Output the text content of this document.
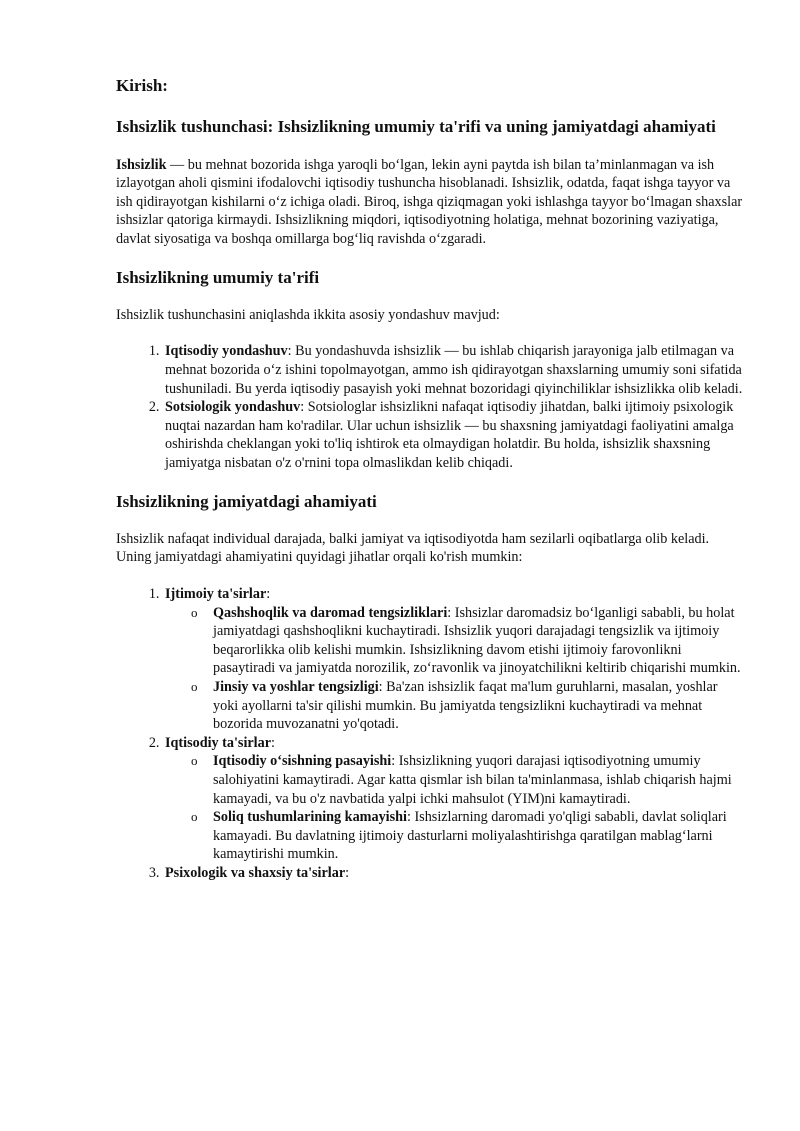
Kirish:
Ishsizlik tushunchasi: Ishsizlikning umumiy ta'rifi va uning jamiyatdagi ahamiyati

Ishsizlik — bu mehnat bozorida ishga yaroqli bo‘lgan, lekin ayni paytda ish bilan ta’minlanmagan va ish izlayotgan aholi qismini ifodalovchi iqtisodiy tushuncha hisoblanadi. Ishsizlik, odatda, faqat ishga tayyor va ish qidirayotgan kishilarni o‘z ichiga oladi. Biroq, ishga qiziqmagan yoki ishlashga tayyor bo‘lmagan shaxslar ishsizlar qatoriga kirmaydi. Ishsizlikning miqdori, iqtisodiyotning holatiga, mehnat bozorining vaziyatiga, davlat siyosatiga va boshqa omillarga bog‘liq ravishda o‘zgaradi.

Ishsizlikning umumiy ta'rifi

Ishsizlik tushunchasini aniqlashda ikkita asosiy yondashuv mavjud:

1. Iqtisodiy yondashuv: Bu yondashuvda ishsizlik — bu ishlab chiqarish jarayoniga jalb etilmagan va mehnat bozorida o‘z ishini topolmayotgan, ammo ish qidirayotgan shaxslarning umumiy soni sifatida tushuniladi. Bu yerda iqtisodiy pasayish yoki mehnat bozoridagi qiyinchiliklar ishsizlikka olib keladi.
2. Sotsiologik yondashuv: Sotsiologlar ishsizlikni nafaqat iqtisodiy jihatdan, balki ijtimoiy psixologik nuqtai nazardan ham ko'radilar. Ular uchun ishsizlik — bu shaxsning jamiyatdagi faoliyatini amalga oshirishda cheklangan yoki to'liq ishtirok eta olmaydigan holatdir. Bu holda, ishsizlik shaxsning jamiyatga nisbatan o'z o'rnini topa olmaslikdan kelib chiqadi.
Ishsizlikning jamiyatdagi ahamiyati

Ishsizlik nafaqat individual darajada, balki jamiyat va iqtisodiyotda ham sezilarli oqibatlarga olib keladi. Uning jamiyatdagi ahamiyatini quyidagi jihatlar orqali ko'rish mumkin:

1. Ijtimoiy ta'sirlar:
o Qashshoqlik va daromad tengsizliklari: Ishsizlar daromadsiz bo‘lganligi sababli, bu holat jamiyatdagi qashshoqlikni kuchaytiradi. Ishsizlik yuqori darajadagi tengsizlik va ijtimoiy beqarorlikka olib kelishi mumkin. Ishsizlikning davom etishi ijtimoiy farovonlikni pasaytiradi va jamiyatda norozilik, zo‘ravonlik va jinoyatchilikni keltirib chiqarishi mumkin.
o Jinsiy va yoshlar tengsizligi: Ba'zan ishsizlik faqat ma'lum guruhlarni, masalan, yoshlar yoki ayollarni ta'sir qilishi mumkin. Bu jamiyatda tengsizlikni kuchaytiradi va mehnat bozorida muvozanatni yo'qotadi.
2. Iqtisodiy ta'sirlar:
o Iqtisodiy o‘sishning pasayishi: Ishsizlikning yuqori darajasi iqtisodiyotning umumiy salohiyatini kamaytiradi. Agar katta qismlar ish bilan ta'minlanmasa, ishlab chiqarish hajmi kamayadi, va bu o'z navbatida yalpi ichki mahsulot (YIM)ni kamaytiradi.
o Soliq tushumlarining kamayishi: Ishsizlarning daromadi yo'qligi sababli, davlat soliqlari kamayadi. Bu davlatning ijtimoiy dasturlarni moliyalashtirishga qaratilgan mablag‘larni kamaytirishi mumkin.
3. Psixologik va shaxsiy ta'sirlar:
